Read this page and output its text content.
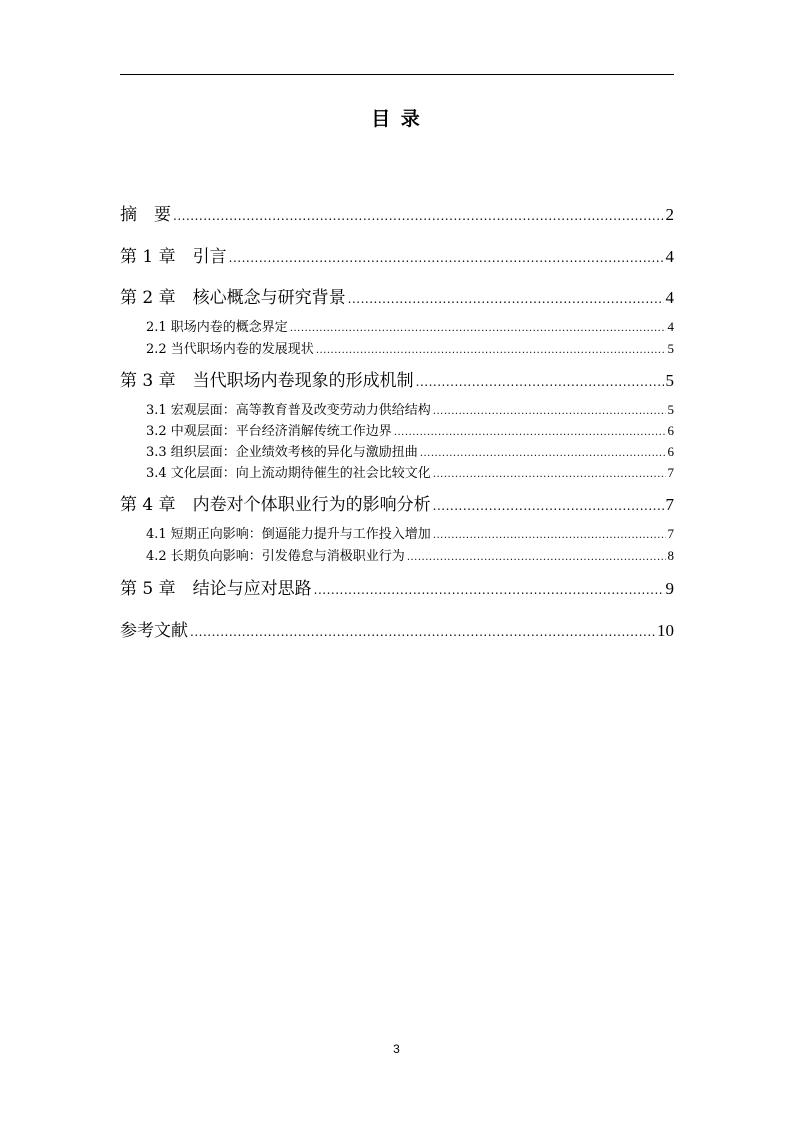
目 录
摘　要 .....	2
第 1 章　引言 .....	4
第 2 章　核心概念与研究背景 .....	4
2.1 职场内卷的概念界定 .....	4
2.2 当代职场内卷的发展现状 .....	5
第 3 章　当代职场内卷现象的形成机制 .....	5
3.1 宏观层面：高等教育普及改变劳动力供给结构 .....	5
3.2 中观层面：平台经济消解传统工作边界 .....	6
3.3 组织层面：企业绩效考核的异化与激励扭曲 .....	6
3.4 文化层面：向上流动期待催生的社会比较文化 .....	7
第 4 章　内卷对个体职业行为的影响分析 .....	7
4.1 短期正向影响：倒逼能力提升与工作投入增加 .....	7
4.2 长期负向影响：引发倦怠与消极职业行为 .....	8
第 5 章　结论与应对思路 .....	9
参考文献 .....	10
3
